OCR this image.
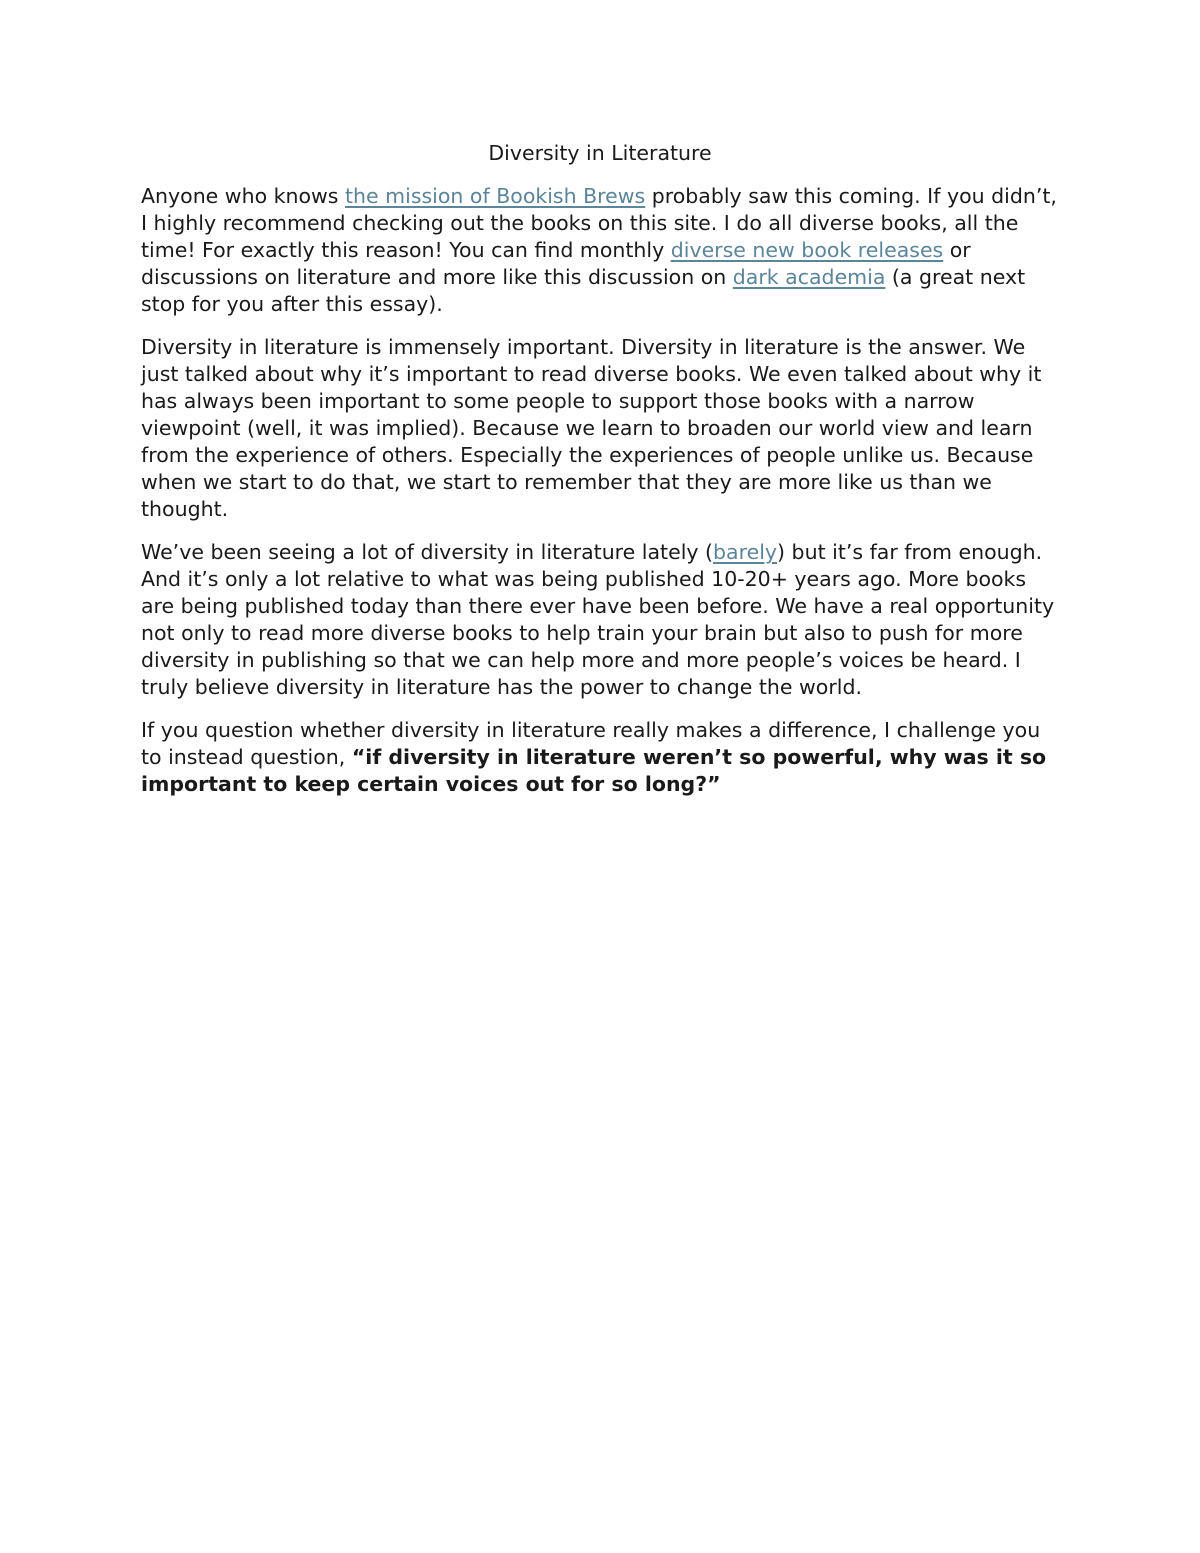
Diversity in Literature

Anyone who knows the mission of Bookish Brews probably saw this coming. If you didn’t, I highly recommend checking out the books on this site. I do all diverse books, all the time! For exactly this reason! You can find monthly diverse new book releases or discussions on literature and more like this discussion on dark academia (a great next stop for you after this essay).

Diversity in literature is immensely important. Diversity in literature is the answer. We just talked about why it’s important to read diverse books. We even talked about why it has always been important to some people to support those books with a narrow viewpoint (well, it was implied). Because we learn to broaden our world view and learn from the experience of others. Especially the experiences of people unlike us. Because when we start to do that, we start to remember that they are more like us than we thought.

We’ve been seeing a lot of diversity in literature lately (barely) but it’s far from enough. And it’s only a lot relative to what was being published 10-20+ years ago. More books are being published today than there ever have been before. We have a real opportunity not only to read more diverse books to help train your brain but also to push for more diversity in publishing so that we can help more and more people’s voices be heard. I truly believe diversity in literature has the power to change the world.

If you question whether diversity in literature really makes a difference, I challenge you to instead question, “if diversity in literature weren’t so powerful, why was it so important to keep certain voices out for so long?”
